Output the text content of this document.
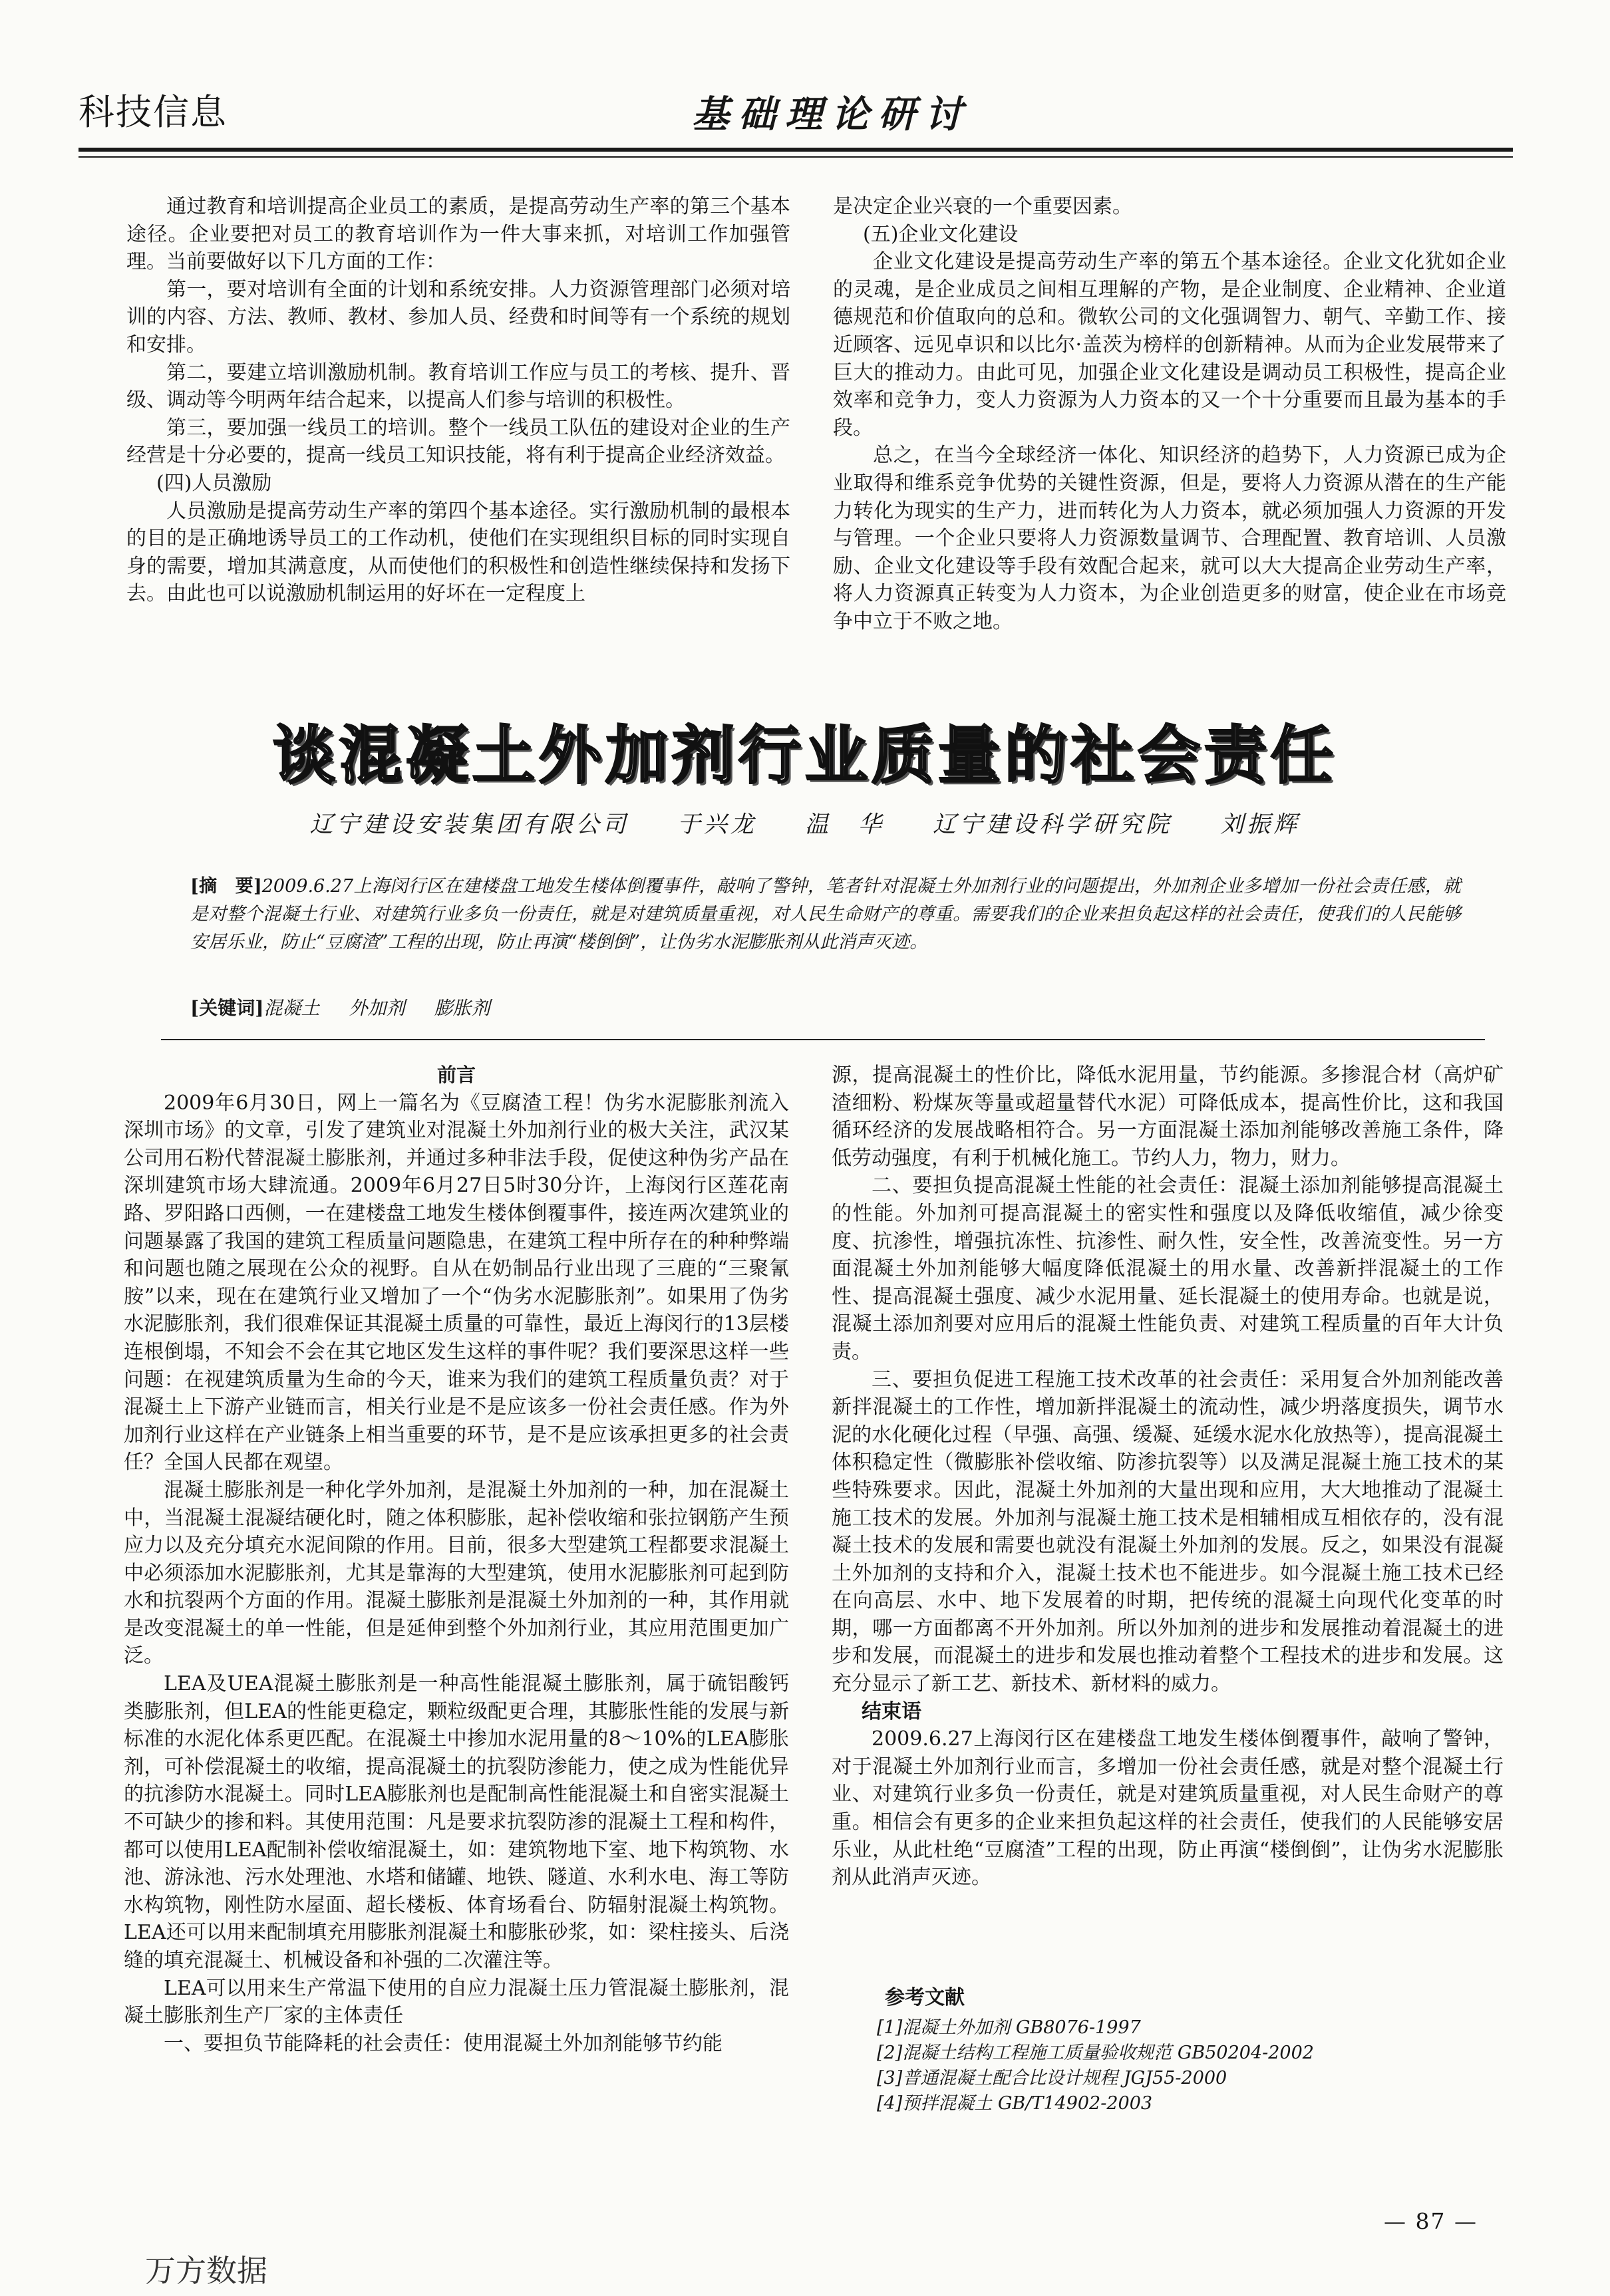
科技信息	基础理论研讨

通过教育和培训提高企业员工的素质，是提高劳动生产率的第三个基本途径。企业要把对员工的教育培训作为一件大事来抓，对培训工作加强管理。当前要做好以下几方面的工作：

第一，要对培训有全面的计划和系统安排。人力资源管理部门必须对培训的内容、方法、教师、教材、参加人员、经费和时间等有一个系统的规划和安排。

第二，要建立培训激励机制。教育培训工作应与员工的考核、提升、晋级、调动等今明两年结合起来，以提高人们参与培训的积极性。

第三，要加强一线员工的培训。整个一线员工队伍的建设对企业的生产经营是十分必要的，提高一线员工知识技能，将有利于提高企业经济效益。

(四)人员激励

人员激励是提高劳动生产率的第四个基本途径。实行激励机制的最根本的目的是正确地诱导员工的工作动机，使他们在实现组织目标的同时实现自身的需要，增加其满意度，从而使他们的积极性和创造性继续保持和发扬下去。由此也可以说激励机制运用的好坏在一定程度上

是决定企业兴衰的一个重要因素。

(五)企业文化建设

企业文化建设是提高劳动生产率的第五个基本途径。企业文化犹如企业的灵魂，是企业成员之间相互理解的产物，是企业制度、企业精神、企业道德规范和价值取向的总和。微软公司的文化强调智力、朝气、辛勤工作、接近顾客、远见卓识和以比尔·盖茨为榜样的创新精神。从而为企业发展带来了巨大的推动力。由此可见，加强企业文化建设是调动员工积极性，提高企业效率和竞争力，变人力资源为人力资本的又一个十分重要而且最为基本的手段。

总之，在当今全球经济一体化、知识经济的趋势下，人力资源已成为企业取得和维系竞争优势的关键性资源，但是，要将人力资源从潜在的生产能力转化为现实的生产力，进而转化为人力资本，就必须加强人力资源的开发与管理。一个企业只要将人力资源数量调节、合理配置、教育培训、人员激励、企业文化建设等手段有效配合起来，就可以大大提高企业劳动生产率，将人力资源真正转变为人力资本，为企业创造更多的财富，使企业在市场竞争中立于不败之地。

谈混凝土外加剂行业质量的社会责任
辽宁建设安装集团有限公司 于兴龙 温　华 辽宁建设科学研究院 刘振辉
[摘　要]2009.6.27上海闵行区在建楼盘工地发生楼体倒覆事件，敲响了警钟，笔者针对混凝土外加剂行业的问题提出，外加剂企业多增加一份社会责任感，就是对整个混凝土行业、对建筑行业多负一份责任，就是对建筑质量重视，对人民生命财产的尊重。需要我们的企业来担负起这样的社会责任，使我们的人民能够安居乐业，防止“豆腐渣”工程的出现，防止再演“楼倒倒”，让伪劣水泥膨胀剂从此消声灭迹。
[关键词]混凝土 外加剂 膨胀剂

前言

2009年6月30日，网上一篇名为《豆腐渣工程！伪劣水泥膨胀剂流入深圳市场》的文章，引发了建筑业对混凝土外加剂行业的极大关注，武汉某公司用石粉代替混凝土膨胀剂，并通过多种非法手段，促使这种伪劣产品在深圳建筑市场大肆流通。2009年6月27日5时30分许，上海闵行区莲花南路、罗阳路口西侧，一在建楼盘工地发生楼体倒覆事件，接连两次建筑业的问题暴露了我国的建筑工程质量问题隐患，在建筑工程中所存在的种种弊端和问题也随之展现在公众的视野。自从在奶制品行业出现了三鹿的“三聚氰胺”以来，现在在建筑行业又增加了一个“伪劣水泥膨胀剂”。如果用了伪劣水泥膨胀剂，我们很难保证其混凝土质量的可靠性，最近上海闵行的13层楼连根倒塌，不知会不会在其它地区发生这样的事件呢？我们要深思这样一些问题：在视建筑质量为生命的今天，谁来为我们的建筑工程质量负责？对于混凝土上下游产业链而言，相关行业是不是应该多一份社会责任感。作为外加剂行业这样在产业链条上相当重要的环节，是不是应该承担更多的社会责任？全国人民都在观望。

混凝土膨胀剂是一种化学外加剂，是混凝土外加剂的一种，加在混凝土中，当混凝土混凝结硬化时，随之体积膨胀，起补偿收缩和张拉钢筋产生预应力以及充分填充水泥间隙的作用。目前，很多大型建筑工程都要求混凝土中必须添加水泥膨胀剂，尤其是靠海的大型建筑，使用水泥膨胀剂可起到防水和抗裂两个方面的作用。混凝土膨胀剂是混凝土外加剂的一种，其作用就是改变混凝土的单一性能，但是延伸到整个外加剂行业，其应用范围更加广泛。

LEA及UEA混凝土膨胀剂是一种高性能混凝土膨胀剂，属于硫铝酸钙类膨胀剂，但LEA的性能更稳定，颗粒级配更合理，其膨胀性能的发展与新标准的水泥化体系更匹配。在混凝土中掺加水泥用量的8～10%的LEA膨胀剂，可补偿混凝土的收缩，提高混凝土的抗裂防渗能力，使之成为性能优异的抗渗防水混凝土。同时LEA膨胀剂也是配制高性能混凝土和自密实混凝土不可缺少的掺和料。其使用范围：凡是要求抗裂防渗的混凝土工程和构件，都可以使用LEA配制补偿收缩混凝土，如：建筑物地下室、地下构筑物、水池、游泳池、污水处理池、水塔和储罐、地铁、隧道、水利水电、海工等防水构筑物，刚性防水屋面、超长楼板、体育场看台、防辐射混凝土构筑物。LEA还可以用来配制填充用膨胀剂混凝土和膨胀砂浆，如：梁柱接头、后浇缝的填充混凝土、机械设备和补强的二次灌注等。

LEA可以用来生产常温下使用的自应力混凝土压力管混凝土膨胀剂，混凝土膨胀剂生产厂家的主体责任

一、要担负节能降耗的社会责任：使用混凝土外加剂能够节约能

源，提高混凝土的性价比，降低水泥用量，节约能源。多掺混合材（高炉矿渣细粉、粉煤灰等量或超量替代水泥）可降低成本，提高性价比，这和我国循环经济的发展战略相符合。另一方面混凝土添加剂能够改善施工条件，降低劳动强度，有利于机械化施工。节约人力，物力，财力。

二、要担负提高混凝土性能的社会责任：混凝土添加剂能够提高混凝土的性能。外加剂可提高混凝土的密实性和强度以及降低收缩值，减少徐变度、抗渗性，增强抗冻性、抗渗性、耐久性，安全性，改善流变性。另一方面混凝土外加剂能够大幅度降低混凝土的用水量、改善新拌混凝土的工作性、提高混凝土强度、减少水泥用量、延长混凝土的使用寿命。也就是说，混凝土添加剂要对应用后的混凝土性能负责、对建筑工程质量的百年大计负责。

三、要担负促进工程施工技术改革的社会责任：采用复合外加剂能改善新拌混凝土的工作性，增加新拌混凝土的流动性，减少坍落度损失，调节水泥的水化硬化过程（早强、高强、缓凝、延缓水泥水化放热等），提高混凝土体积稳定性（微膨胀补偿收缩、防渗抗裂等）以及满足混凝土施工技术的某些特殊要求。因此，混凝土外加剂的大量出现和应用，大大地推动了混凝土施工技术的发展。外加剂与混凝土施工技术是相辅相成互相依存的，没有混凝土技术的发展和需要也就没有混凝土外加剂的发展。反之，如果没有混凝土外加剂的支持和介入，混凝土技术也不能进步。如今混凝土施工技术已经在向高层、水中、地下发展着的时期，把传统的混凝土向现代化变革的时期，哪一方面都离不开外加剂。所以外加剂的进步和发展推动着混凝土的进步和发展，而混凝土的进步和发展也推动着整个工程技术的进步和发展。这充分显示了新工艺、新技术、新材料的威力。

结束语

2009.6.27上海闵行区在建楼盘工地发生楼体倒覆事件，敲响了警钟，对于混凝土外加剂行业而言，多增加一份社会责任感，就是对整个混凝土行业、对建筑行业多负一份责任，就是对建筑质量重视，对人民生命财产的尊重。相信会有更多的企业来担负起这样的社会责任，使我们的人民能够安居乐业，从此杜绝“豆腐渣”工程的出现，防止再演“楼倒倒”，让伪劣水泥膨胀剂从此消声灭迹。

参考文献
[1]混凝土外加剂 GB8076-1997
[2]混凝土结构工程施工质量验收规范 GB50204-2002
[3]普通混凝土配合比设计规程 JGJ55-2000
[4]预拌混凝土 GB/T14902-2003
— 87 —
万方数据
